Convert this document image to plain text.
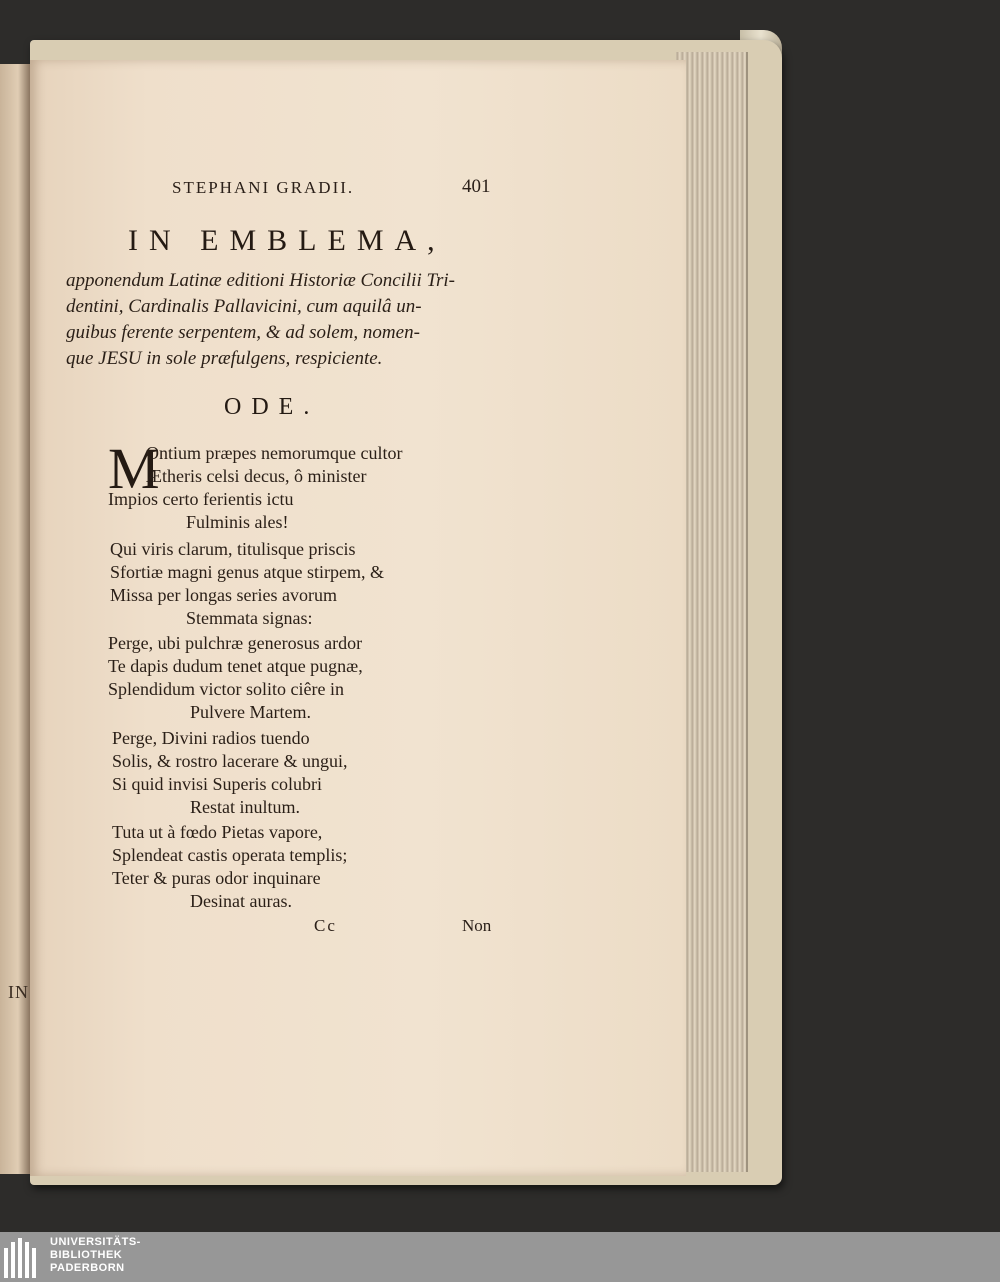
IN
STEPHANI GRADII.	401
IN EMBLEMA,

apponendum Latinæ editioni Historiæ Concilii Tri-

dentini, Cardinalis Pallavicini, cum aquilâ un-

guibus ferente serpentem, & ad solem, nomen-

que JESU in sole præfulgens, respiciente.

ODE.
M
Ontium præpes nemorumque cultor
Ætheris celsi decus, ô minister
Impios certo ferientis ictu
Fulminis ales!
Qui viris clarum, titulisque priscis
Sfortiæ magni genus atque stirpem, &
Missa per longas series avorum
Stemmata signas:
Perge, ubi pulchræ generosus ardor
Te dapis dudum tenet atque pugnæ,
Splendidum victor solito ciêre in
Pulvere Martem.
Perge, Divini radios tuendo
Solis, & rostro lacerare & ungui,
Si quid invisi Superis colubri
Restat inultum.
Tuta ut à fœdo Pietas vapore,
Splendeat castis operata templis;
Teter & puras odor inquinare
Desinat auras.
Cc	Non
UNIVERSITÄTS-
BIBLIOTHEK
PADERBORN
